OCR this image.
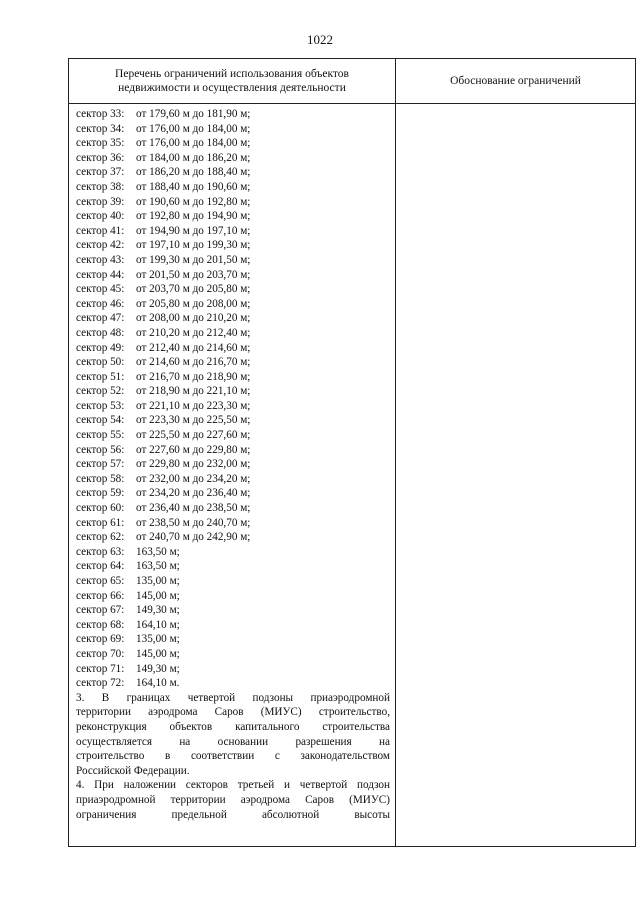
1022
Перечень ограничений использования объектов
недвижимости и осуществления деятельности
Обоснование ограничений
сектор 33: от 179,60 м до 181,90 м;
сектор 34: от 176,00 м до 184,00 м;
сектор 35: от 176,00 м до 184,00 м;
сектор 36: от 184,00 м до 186,20 м;
сектор 37: от 186,20 м до 188,40 м;
сектор 38: от 188,40 м до 190,60 м;
сектор 39: от 190,60 м до 192,80 м;
сектор 40: от 192,80 м до 194,90 м;
сектор 41: от 194,90 м до 197,10 м;
сектор 42: от 197,10 м до 199,30 м;
сектор 43: от 199,30 м до 201,50 м;
сектор 44: от 201,50 м до 203,70 м;
сектор 45: от 203,70 м до 205,80 м;
сектор 46: от 205,80 м до 208,00 м;
сектор 47: от 208,00 м до 210,20 м;
сектор 48: от 210,20 м до 212,40 м;
сектор 49: от 212,40 м до 214,60 м;
сектор 50: от 214,60 м до 216,70 м;
сектор 51: от 216,70 м до 218,90 м;
сектор 52: от 218,90 м до 221,10 м;
сектор 53: от 221,10 м до 223,30 м;
сектор 54: от 223,30 м до 225,50 м;
сектор 55: от 225,50 м до 227,60 м;
сектор 56: от 227,60 м до 229,80 м;
сектор 57: от 229,80 м до 232,00 м;
сектор 58: от 232,00 м до 234,20 м;
сектор 59: от 234,20 м до 236,40 м;
сектор 60: от 236,40 м до 238,50 м;
сектор 61: от 238,50 м до 240,70 м;
сектор 62: от 240,70 м до 242,90 м;
сектор 63: 163,50 м;
сектор 64: 163,50 м;
сектор 65: 135,00 м;
сектор 66: 145,00 м;
сектор 67: 149,30 м;
сектор 68: 164,10 м;
сектор 69: 135,00 м;
сектор 70: 145,00 м;
сектор 71: 149,30 м;
сектор 72: 164,10 м.
3. В границах четвертой подзоны приаэродромной
территории аэродрома Саров (МИУС) строительство,
реконструкция объектов капитального строительства
осуществляется на основании разрешения на
строительство в соответствии с законодательством
Российской Федерации.
4. При наложении секторов третьей и четвертой подзон
приаэродромной территории аэродрома Саров (МИУС)
ограничения предельной абсолютной высоты
